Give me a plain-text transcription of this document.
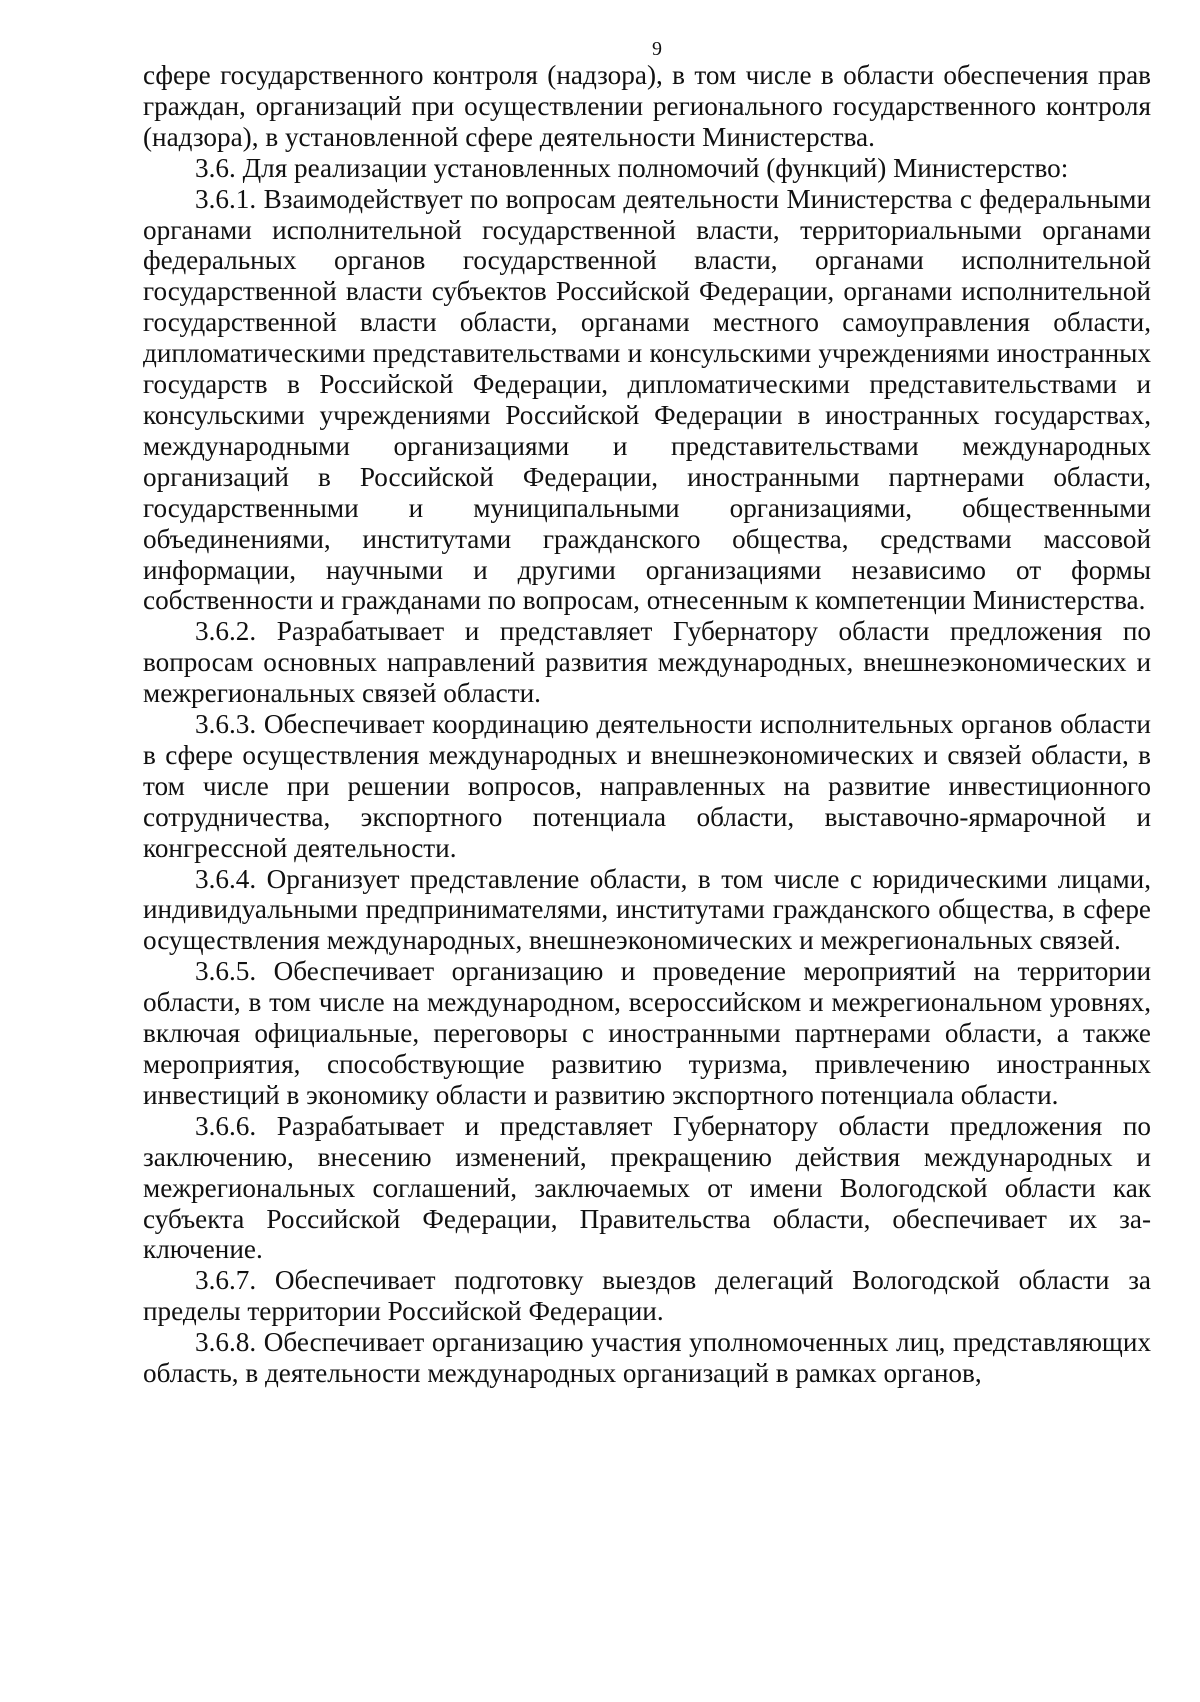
9

сфере государственного контроля (надзора), в том числе в области обеспечения прав граждан, организаций при осуществлении регионального государственного контроля (надзора), в установленной сфере деятельности Министерства.

3.6. Для реализации установленных полномочий (функций) Министерство:

3.6.1. Взаимодействует по вопросам деятельности Министерства с федеральными органами исполнительной государственной власти, территориальными органами федеральных органов государственной власти, органами исполнительной государственной власти субъектов Российской Федерации, органами исполнительной государственной власти области, органами местного самоуправления области, дипломатическими представительствами и консульскими учреждениями иностранных государств в Российской Федерации, дипломатическими представительствами и консульскими учреждениями Российской Федерации в иностранных государствах, международными организациями и представительствами международных организаций в Российской Федерации, иностранными партнерами области, государственными и муниципальными организациями, общественными объединениями, институтами гражданского общества, средствами массовой информации, научными и другими организациями независимо от формы собственности и гражданами по вопросам, отнесенным к компетенции Министерства.

3.6.2. Разрабатывает и представляет Губернатору области предложения по вопросам основных направлений развития международных, внешнеэкономических и межрегиональных связей области.

3.6.3. Обеспечивает координацию деятельности исполнительных органов области в сфере осуществления международных и внешнеэкономических и связей области, в том числе при решении вопросов, направленных на развитие инвестиционного сотрудничества, экспортного потенциала области, выставочно-ярмарочной и конгрессной деятельности.

3.6.4. Организует представление области, в том числе с юридическими лицами, индивидуальными предпринимателями, институтами гражданского общества, в сфере осуществления международных, внешнеэкономических и межрегиональных связей.

3.6.5. Обеспечивает организацию и проведение мероприятий на территории области, в том числе на международном, всероссийском и межрегиональном уровнях, включая официальные, переговоры с иностранными партнерами области, а также мероприятия, способствующие развитию туризма, привлечению иностранных инвестиций в экономику области и развитию экспортного потенциала области.

3.6.6. Разрабатывает и представляет Губернатору области предложения по заключению, внесению изменений, прекращению действия международных и межрегиональных соглашений, заключаемых от имени Вологодской области как субъекта Российской Федерации, Правительства области, обеспечивает их заключение.

3.6.7. Обеспечивает подготовку выездов делегаций Вологодской области за пределы территории Российской Федерации.

3.6.8. Обеспечивает организацию участия уполномоченных лиц, представляющих область, в деятельности международных организаций в рамках органов,
